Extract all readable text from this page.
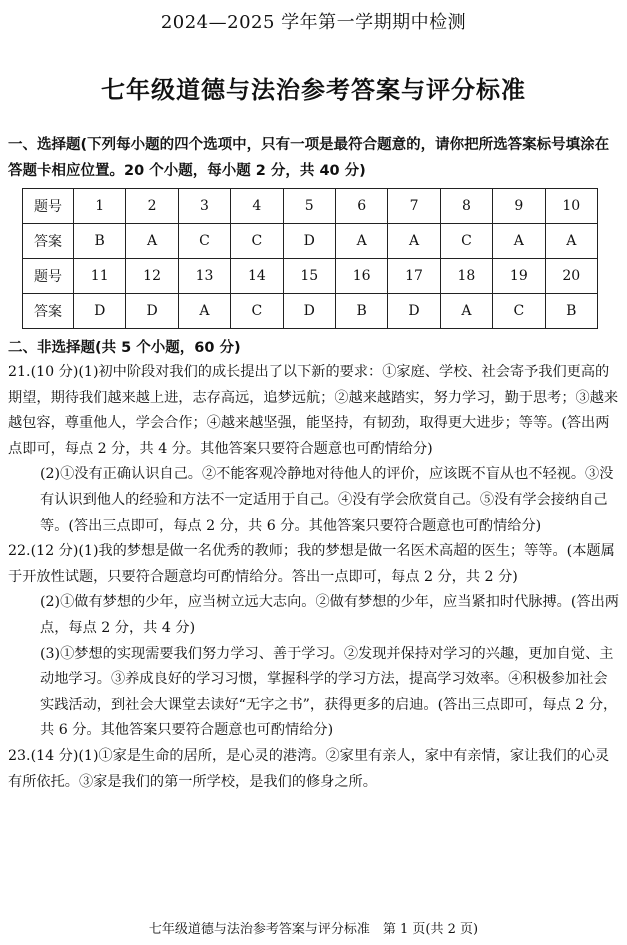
2024—2025 学年第一学期期中检测
七年级道德与法治参考答案与评分标准
一、选择题(下列每小题的四个选项中，只有一项是最符合题意的，请你把所选答案标号填涂在答题卡相应位置。20 个小题，每小题 2 分，共 40 分)
题号	1	2	3	4	5	6	7	8	9	10
答案	B	A	C	C	D	A	A	C	A	A
题号	11	12	13	14	15	16	17	18	19	20
答案	D	D	A	C	D	B	D	A	C	B
二、非选择题(共 5 个小题，60 分)

21.(10 分)(1)初中阶段对我们的成长提出了以下新的要求：①家庭、学校、社会寄予我们更高的期望，期待我们越来越上进，志存高远，追梦远航；②越来越踏实，努力学习，勤于思考；③越来越包容，尊重他人，学会合作；④越来越坚强，能坚持，有韧劲，取得更大进步；等等。(答出两点即可，每点 2 分，共 4 分。其他答案只要符合题意也可酌情给分)

(2)①没有正确认识自己。②不能客观冷静地对待他人的评价，应该既不盲从也不轻视。③没有认识到他人的经验和方法不一定适用于自己。④没有学会欣赏自己。⑤没有学会接纳自己等。(答出三点即可，每点 2 分，共 6 分。其他答案只要符合题意也可酌情给分)

22.(12 分)(1)我的梦想是做一名优秀的教师；我的梦想是做一名医术高超的医生；等等。(本题属于开放性试题，只要符合题意均可酌情给分。答出一点即可，每点 2 分，共 2 分)

(2)①做有梦想的少年，应当树立远大志向。②做有梦想的少年，应当紧扣时代脉搏。(答出两点，每点 2 分，共 4 分)

(3)①梦想的实现需要我们努力学习、善于学习。②发现并保持对学习的兴趣，更加自觉、主动地学习。③养成良好的学习习惯，掌握科学的学习方法，提高学习效率。④积极参加社会实践活动，到社会大课堂去读好“无字之书”，获得更多的启迪。(答出三点即可，每点 2 分，共 6 分。其他答案只要符合题意也可酌情给分)

23.(14 分)(1)①家是生命的居所，是心灵的港湾。②家里有亲人，家中有亲情，家让我们的心灵有所依托。③家是我们的第一所学校，是我们的修身之所。

七年级道德与法治参考答案与评分标准　第 1 页(共 2 页)
